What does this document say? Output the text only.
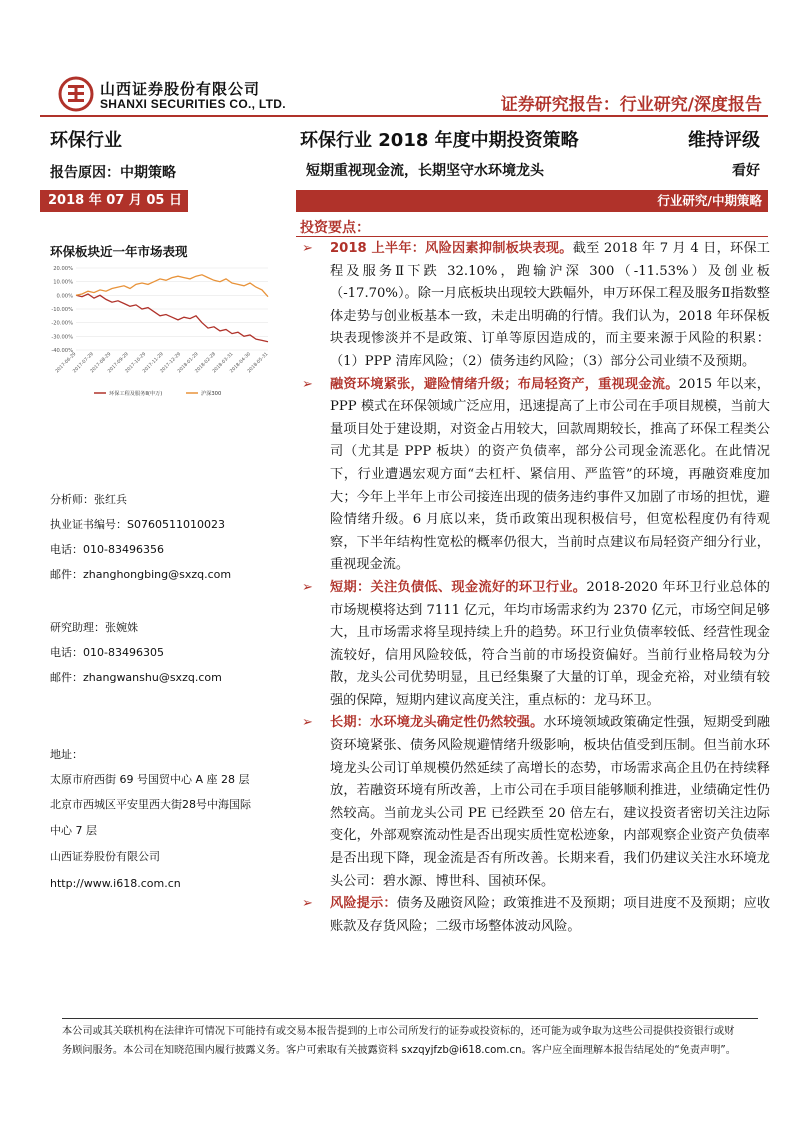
山西证券股份有限公司
SHANXI SECURITIES CO., LTD.	证券研究报告：行业研究/深度报告
环保行业	环保行业 2018 年度中期投资策略	维持评级
报告原因：中期策略	短期重视现金流，长期坚守水环境龙头	看好
2018 年 07 月 05 日	行业研究/中期策略
环保板块近一年市场表现
20.00%
10.00%
0.00%
-10.00%
-20.00%
-30.00%
-40.00%
2017-06-29
2017-07-29
2017-08-29
2017-09-29
2017-10-29
2017-11-29
2017-12-29
2018-01-29
2018-02-28
2018-03-31
2018-04-30
2018-05-31
环保工程及服务Ⅱ(申万)	沪深300
分析师：张红兵
执业证书编号：S0760511010023
电话：010-83496356
邮件：zhanghongbing@sxzq.com
研究助理：张婉姝
电话：010-83496305
邮件：zhangwanshu@sxzq.com
地址：
太原市府西街 69 号国贸中心 A 座 28 层
北京市西城区平安里西大街28号中海国际
中心 7 层
山西证券股份有限公司
http://www.i618.com.cn
投资要点：
➢ 2018 上半年：风险因素抑制板块表现。截至 2018 年 7 月 4 日，环保工程及服务Ⅱ下跌 32.10%，跑输沪深 300（-11.53%）及创业板（-17.70%）。除一月底板块出现较大跌幅外，申万环保工程及服务Ⅱ指数整体走势与创业板基本一致，未走出明确的行情。我们认为，2018 年环保板块表现惨淡并不是政策、订单等原因造成的，而主要来源于风险的积累：（1）PPP 清库风险；（2）债务违约风险；（3）部分公司业绩不及预期。
➢ 融资环境紧张，避险情绪升级；布局轻资产，重视现金流。2015 年以来，PPP 模式在环保领域广泛应用，迅速提高了上市公司在手项目规模，当前大量项目处于建设期，对资金占用较大，回款周期较长，推高了环保工程类公司（尤其是 PPP 板块）的资产负债率，部分公司现金流恶化。在此情况下，行业遭遇宏观方面“去杠杆、紧信用、严监管”的环境，再融资难度加大；今年上半年上市公司接连出现的债务违约事件又加剧了市场的担忧，避险情绪升级。6 月底以来，货币政策出现积极信号，但宽松程度仍有待观察，下半年结构性宽松的概率仍很大，当前时点建议布局轻资产细分行业，重视现金流。
➢ 短期：关注负债低、现金流好的环卫行业。2018-2020 年环卫行业总体的市场规模将达到 7111 亿元，年均市场需求约为 2370 亿元，市场空间足够大，且市场需求将呈现持续上升的趋势。环卫行业负债率较低、经营性现金流较好，信用风险较低，符合当前的市场投资偏好。当前行业格局较为分散，龙头公司优势明显，且已经集聚了大量的订单，现金充裕，对业绩有较强的保障，短期内建议高度关注，重点标的：龙马环卫。
➢ 长期：水环境龙头确定性仍然较强。水环境领域政策确定性强，短期受到融资环境紧张、债务风险规避情绪升级影响，板块估值受到压制。但当前水环境龙头公司订单规模仍然延续了高增长的态势，市场需求高企且仍在持续释放，若融资环境有所改善，上市公司在手项目能够顺利推进，业绩确定性仍然较高。当前龙头公司 PE 已经跌至 20 倍左右，建议投资者密切关注边际变化，外部观察流动性是否出现实质性宽松迹象，内部观察企业资产负债率是否出现下降，现金流是否有所改善。长期来看，我们仍建议关注水环境龙头公司：碧水源、博世科、国祯环保。
➢ 风险提示：债务及融资风险；政策推进不及预期；项目进度不及预期；应收账款及存货风险；二级市场整体波动风险。
本公司或其关联机构在法律许可情况下可能持有或交易本报告提到的上市公司所发行的证券或投资标的，还可能为或争取为这些公司提供投资银行或财
务顾问服务。本公司在知晓范围内履行披露义务。客户可索取有关披露资料 sxzqyjfzb@i618.com.cn。客户应全面理解本报告结尾处的“免责声明”。
